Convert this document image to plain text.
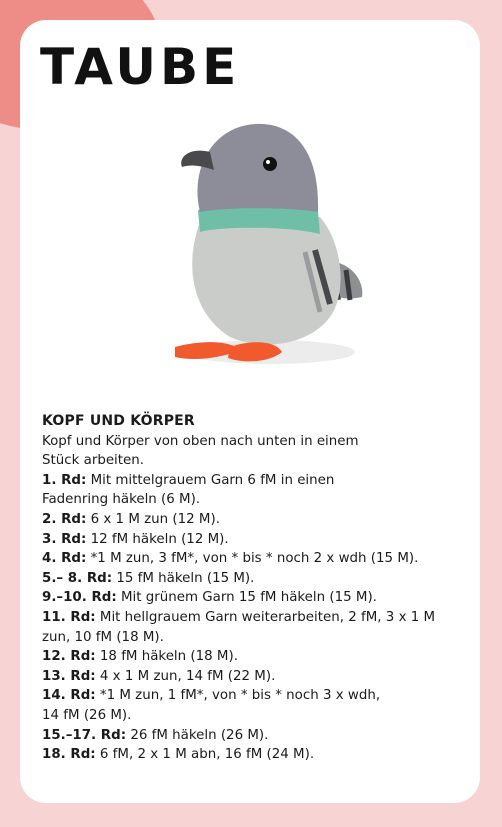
TAUBE

KOPF UND KÖRPER

Kopf und Körper von oben nach unten in einem

Stück arbeiten.

1. Rd: Mit mittelgrauem Garn 6 fM in einen

Fadenring häkeln (6 M).

2. Rd: 6 x 1 M zun (12 M).

3. Rd: 12 fM häkeln (12 M).

4. Rd: *1 M zun, 3 fM*, von * bis * noch 2 x wdh (15 M).

5.– 8. Rd: 15 fM häkeln (15 M).

9.–10. Rd: Mit grünem Garn 15 fM häkeln (15 M).

11. Rd: Mit hellgrauem Garn weiterarbeiten, 2 fM, 3 x 1 M

zun, 10 fM (18 M).

12. Rd: 18 fM häkeln (18 M).

13. Rd: 4 x 1 M zun, 14 fM (22 M).

14. Rd: *1 M zun, 1 fM*, von * bis * noch 3 x wdh,

14 fM (26 M).

15.–17. Rd: 26 fM häkeln (26 M).

18. Rd: 6 fM, 2 x 1 M abn, 16 fM (24 M).
